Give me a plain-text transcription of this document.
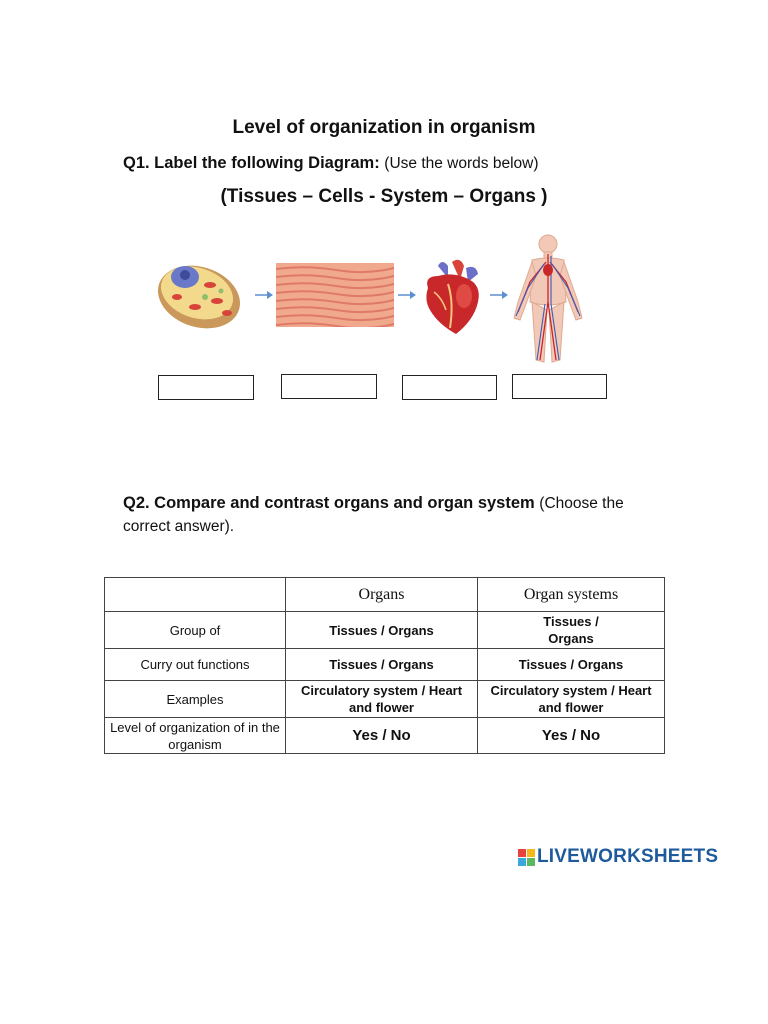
Level of organization in organism
Q1. Label the following Diagram: (Use the words below)
(Tissues – Cells - System – Organs )
Q2. Compare and contrast organs and organ system (Choose the correct answer).
	Organs	Organ systems
Group of	Tissues / Organs	Tissues / Organs
Curry out functions	Tissues / Organs	Tissues / Organs
Examples	Circulatory system / Heart and flower	Circulatory system / Heart and flower
Level of organization of in the organism	Yes / No	Yes / No
LIVEWORKSHEETS
